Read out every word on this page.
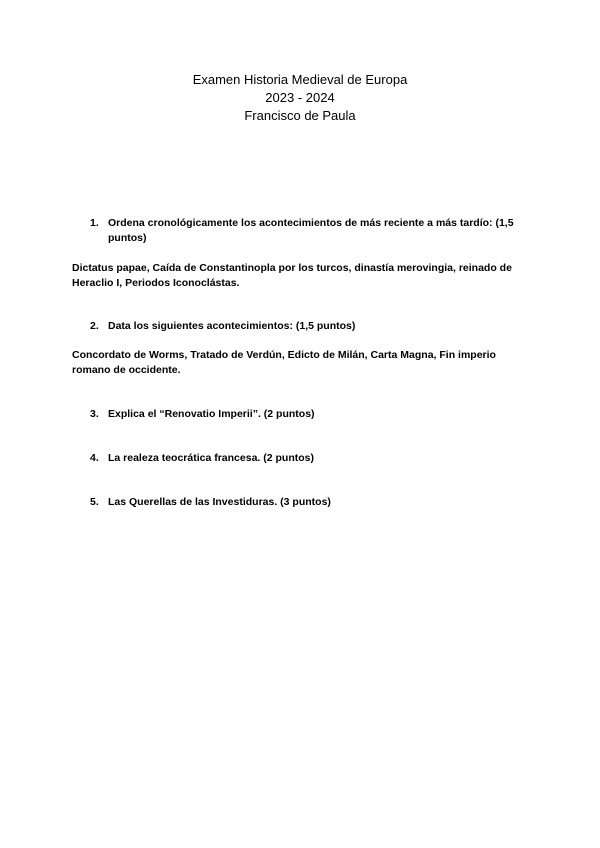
Examen Historia Medieval de Europa
2023 - 2024
Francisco de Paula
1. Ordena cronológicamente los acontecimientos de más reciente a más tardío: (1,5 puntos)
Dictatus papae, Caída de Constantinopla por los turcos, dinastía merovingia, reinado de Heraclio I, Periodos Iconoclástas.
2. Data los siguientes acontecimientos: (1,5 puntos)
Concordato de Worms, Tratado de Verdún, Edicto de Milán, Carta Magna, Fin imperio romano de occidente.
3. Explica el “Renovatio Imperii”. (2 puntos)
4. La realeza teocrática francesa. (2 puntos)
5. Las Querellas de las Investiduras. (3 puntos)
